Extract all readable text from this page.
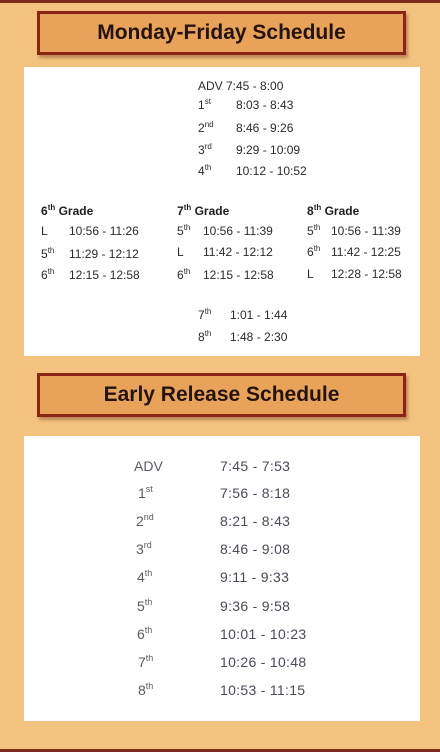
Monday-Friday Schedule
ADV 7:45 - 8:00
1st 8:03 - 8:43
2nd 8:46 - 9:26
3rd 9:29 - 10:09
4th 10:12 - 10:52
6th Grade
L 10:56 - 11:26
5th 11:29 - 12:12
6th 12:15 - 12:58
7th Grade
5th 10:56 - 11:39
L 11:42 - 12:12
6th 12:15 - 12:58
8th Grade
5th 10:56 - 11:39
6th 11:42 - 12:25
L 12:28 - 12:58
7th 1:01 - 1:44
8th 1:48 - 2:30
Early Release Schedule
ADV	7:45 - 7:53
1st	7:56 - 8:18
2nd	8:21 - 8:43
3rd	8:46 - 9:08
4th	9:11 - 9:33
5th	9:36 - 9:58
6th	10:01 - 10:23
7th	10:26 - 10:48
8th	10:53 - 11:15
